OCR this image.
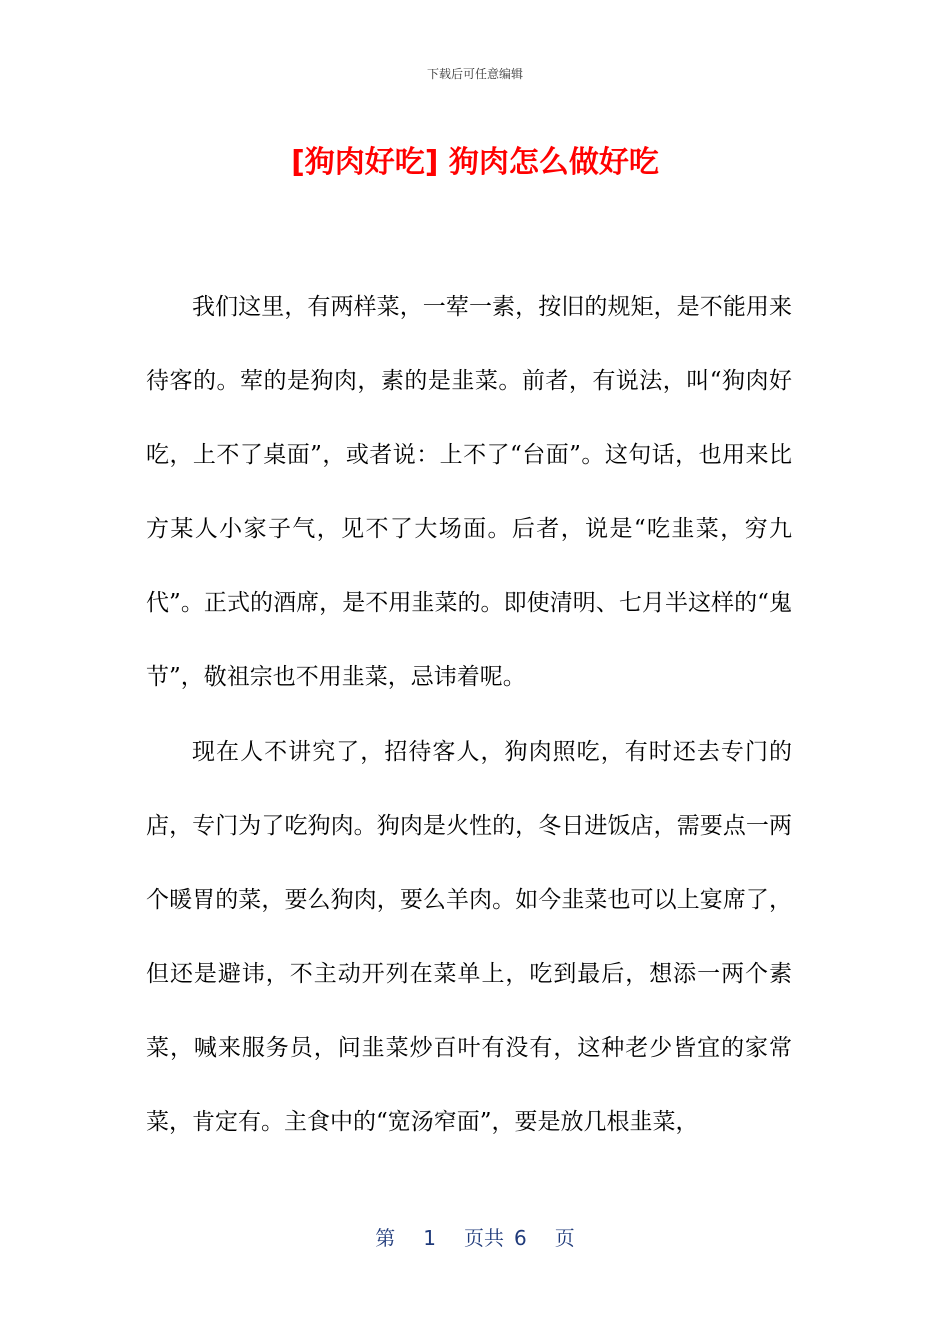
下载后可任意编辑
[狗肉好吃] 狗肉怎么做好吃

我们这里，有两样菜，一荤一素，按旧的规矩，是不能用来待客的。荤的是狗肉，素的是韭菜。前者，有说法，叫“狗肉好吃，上不了桌面”，或者说：上不了“台面”。这句话，也用来比方某人小家子气，见不了大场面。后者，说是“吃韭菜，穷九代”。正式的酒席，是不用韭菜的。即使清明、七月半这样的“鬼节”，敬祖宗也不用韭菜，忌讳着呢。

现在人不讲究了，招待客人，狗肉照吃，有时还去专门的店，专门为了吃狗肉。狗肉是火性的，冬日进饭店，需要点一两个暖胃的菜，要么狗肉，要么羊肉。如今韭菜也可以上宴席了，但还是避讳，不主动开列在菜单上，吃到最后，想添一两个素菜，喊来服务员，问韭菜炒百叶有没有，这种老少皆宜的家常菜，肯定有。主食中的“宽汤窄面”，要是放几根韭菜，

第 1 页共 6 页
